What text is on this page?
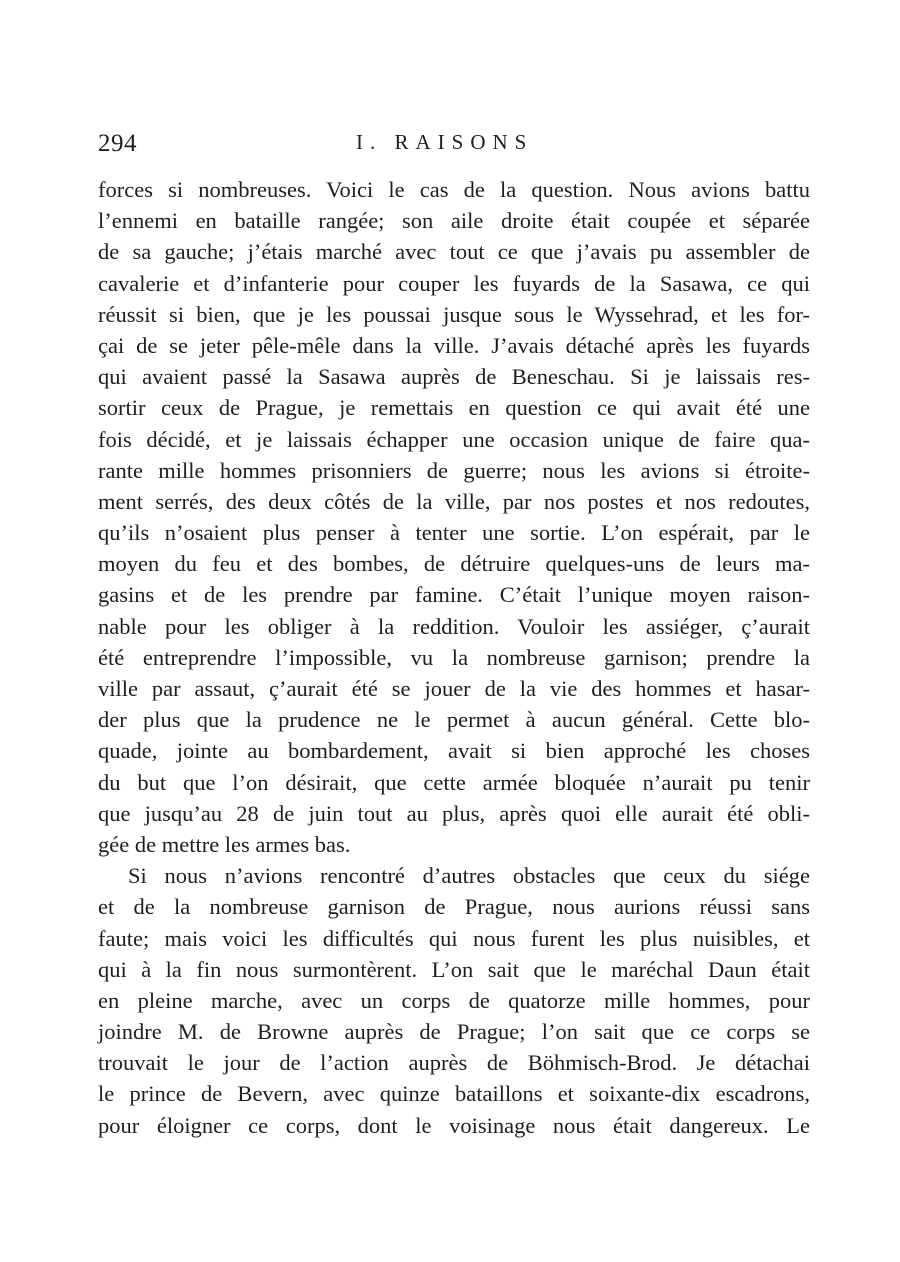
294	I. RAISONS
forces si nombreuses. Voici le cas de la question. Nous avions battu
l’ennemi en bataille rangée; son aile droite était coupée et séparée
de sa gauche; j’étais marché avec tout ce que j’avais pu assembler de
cavalerie et d’infanterie pour couper les fuyards de la Sasawa, ce qui
réussit si bien, que je les poussai jusque sous le Wyssehrad, et les for-
çai de se jeter pêle-mêle dans la ville. J’avais détaché après les fuyards
qui avaient passé la Sasawa auprès de Beneschau. Si je laissais res-
sortir ceux de Prague, je remettais en question ce qui avait été une
fois décidé, et je laissais échapper une occasion unique de faire qua-
rante mille hommes prisonniers de guerre; nous les avions si étroite-
ment serrés, des deux côtés de la ville, par nos postes et nos redoutes,
qu’ils n’osaient plus penser à tenter une sortie. L’on espérait, par le
moyen du feu et des bombes, de détruire quelques-uns de leurs ma-
gasins et de les prendre par famine. C’était l’unique moyen raison-
nable pour les obliger à la reddition. Vouloir les assiéger, ç’aurait
été entreprendre l’impossible, vu la nombreuse garnison; prendre la
ville par assaut, ç’aurait été se jouer de la vie des hommes et hasar-
der plus que la prudence ne le permet à aucun général. Cette blo-
quade, jointe au bombardement, avait si bien approché les choses
du but que l’on désirait, que cette armée bloquée n’aurait pu tenir
que jusqu’au 28 de juin tout au plus, après quoi elle aurait été obli-
gée de mettre les armes bas.
Si nous n’avions rencontré d’autres obstacles que ceux du siége
et de la nombreuse garnison de Prague, nous aurions réussi sans
faute; mais voici les difficultés qui nous furent les plus nuisibles, et
qui à la fin nous surmontèrent. L’on sait que le maréchal Daun était
en pleine marche, avec un corps de quatorze mille hommes, pour
joindre M. de Browne auprès de Prague; l’on sait que ce corps se
trouvait le jour de l’action auprès de Böhmisch-Brod. Je détachai
le prince de Bevern, avec quinze bataillons et soixante-dix escadrons,
pour éloigner ce corps, dont le voisinage nous était dangereux. Le
